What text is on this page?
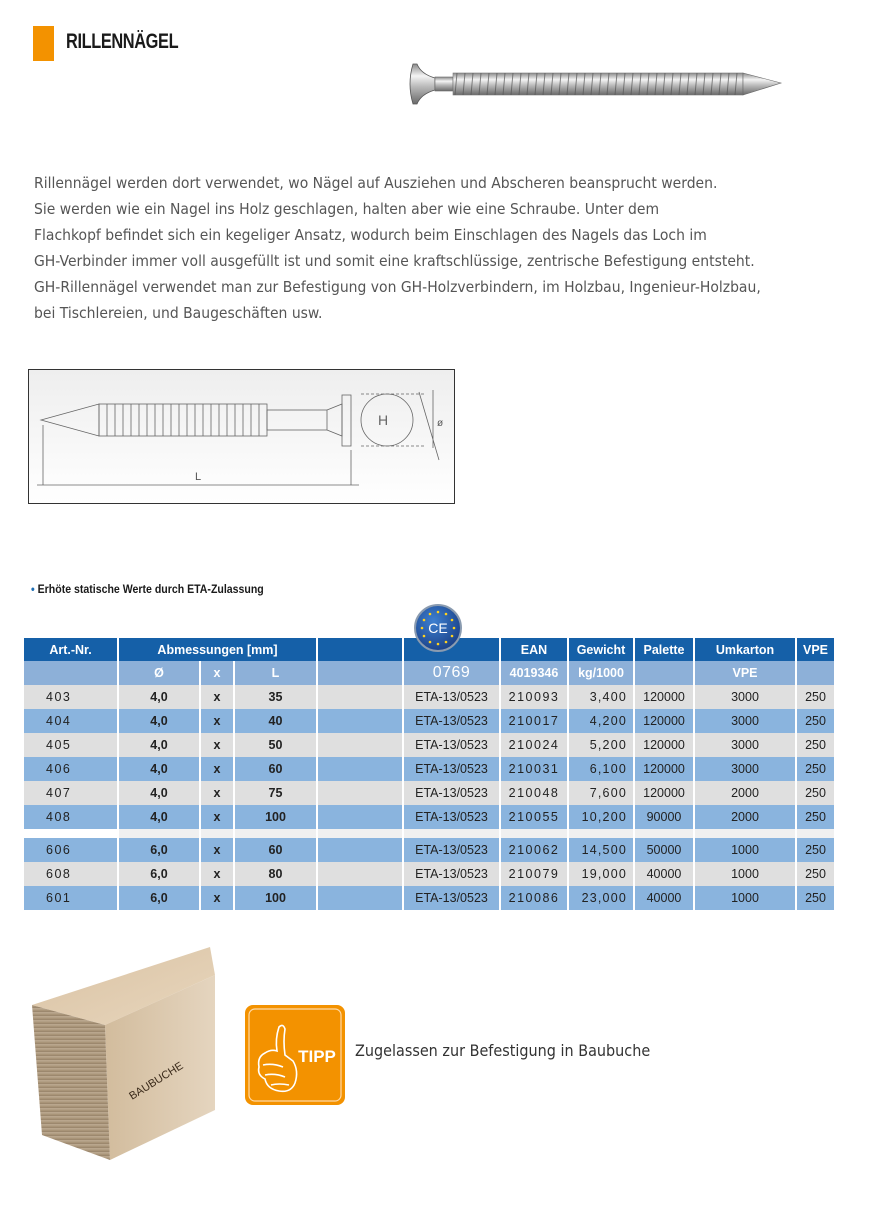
RILLENNÄGEL
Rillennägel werden dort verwendet, wo Nägel auf Ausziehen und Abscheren beansprucht werden.
Sie werden wie ein Nagel ins Holz geschlagen, halten aber wie eine Schraube. Unter dem
Flachkopf befindet sich ein kegeliger Ansatz, wodurch beim Einschlagen des Nagels das Loch im
GH-Verbinder immer voll ausgefüllt ist und somit eine kraftschlüssige, zentrische Befestigung entsteht.
GH-Rillennägel verwendet man zur Befestigung von GH-Holzverbindern, im Holzbau, Ingenieur-Holzbau,
bei Tischlereien, und Baugeschäften usw.
H
L
ø
• Erhöte statische Werte durch ETA-Zulassung
CE
Art.-Nr.	Abmessungen [mm]					EAN	Gewicht	Palette	Umkarton	VPE
	Ø	x	L		0769	4019346	kg/1000		VPE	
403	4,0	x	35		ETA-13/0523	210093	3,400	120000	3000	250
404	4,0	x	40		ETA-13/0523	210017	4,200	120000	3000	250
405	4,0	x	50		ETA-13/0523	210024	5,200	120000	3000	250
406	4,0	x	60		ETA-13/0523	210031	6,100	120000	3000	250
407	4,0	x	75		ETA-13/0523	210048	7,600	120000	2000	250
408	4,0	x	100		ETA-13/0523	210055	10,200	90000	2000	250

606	6,0	x	60		ETA-13/0523	210062	14,500	50000	1000	250
608	6,0	x	80		ETA-13/0523	210079	19,000	40000	1000	250
601	6,0	x	100		ETA-13/0523	210086	23,000	40000	1000	250
BAUBUCHE
TIPP Zugelassen zur Befestigung in Baubuche
